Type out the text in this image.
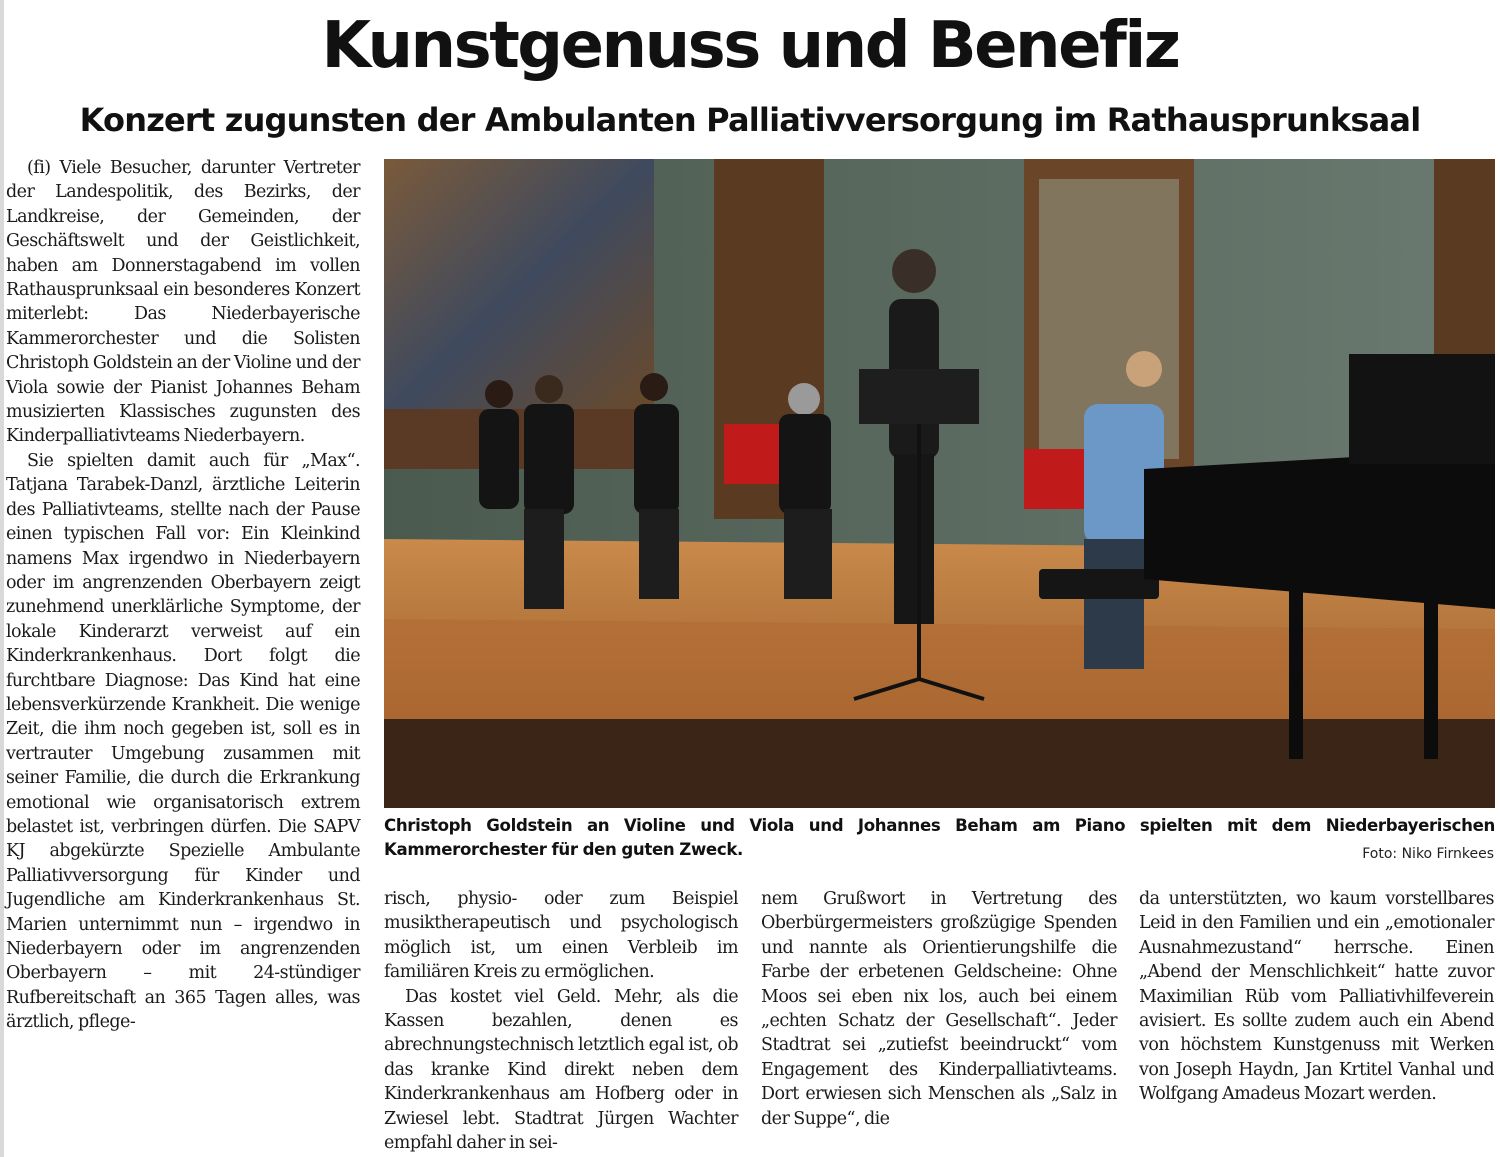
Kunstgenuss und Benefiz
Konzert zugunsten der Ambulanten Palliativversorgung im Rathausprunksaal

(fi) Viele Besucher, darunter Vertreter der Landespolitik, des Bezirks, der Landkreise, der Gemeinden, der Geschäftswelt und der Geistlichkeit, haben am Donnerstagabend im vollen Rathausprunksaal ein besonderes Konzert miterlebt: Das Niederbayerische Kammerorchester und die Solisten Christoph Goldstein an der Violine und der Viola sowie der Pianist Johannes Beham musizierten Klassisches zugunsten des Kinderpalliativteams Niederbayern.

Sie spielten damit auch für „Max“. Tatjana Tarabek-Danzl, ärztliche Leiterin des Palliativteams, stellte nach der Pause einen typischen Fall vor: Ein Kleinkind namens Max irgendwo in Niederbayern oder im angrenzenden Oberbayern zeigt zunehmend unerklärliche Symptome, der lokale Kinderarzt verweist auf ein Kinderkrankenhaus. Dort folgt die furchtbare Diagnose: Das Kind hat eine lebensverkürzende Krankheit. Die wenige Zeit, die ihm noch gegeben ist, soll es in vertrauter Umgebung zusammen mit seiner Familie, die durch die Erkrankung emotional wie organisatorisch extrem belastet ist, verbringen dürfen. Die SAPV KJ abgekürzte Spezielle Ambulante Palliativversorgung für Kinder und Jugendliche am Kinderkrankenhaus St. Marien unternimmt nun – irgendwo in Niederbayern oder im angrenzenden Oberbayern – mit 24-stündiger Rufbereitschaft an 365 Tagen alles, was ärztlich, pflege-

Christoph Goldstein an Violine und Viola und Johannes Beham am Piano spielten mit dem Niederbayerischen Kammerorchester für den guten Zweck.	Foto: Niko Firnkees

risch, physio- oder zum Beispiel musiktherapeutisch und psychologisch möglich ist, um einen Verbleib im familiären Kreis zu ermöglichen.

Das kostet viel Geld. Mehr, als die Kassen bezahlen, denen es abrechnungstechnisch letztlich egal ist, ob das kranke Kind direkt neben dem Kinderkrankenhaus am Hofberg oder in Zwiesel lebt. Stadtrat Jürgen Wachter empfahl daher in sei-

nem Grußwort in Vertretung des Oberbürgermeisters großzügige Spenden und nannte als Orientierungshilfe die Farbe der erbetenen Geldscheine: Ohne Moos sei eben nix los, auch bei einem „echten Schatz der Gesellschaft“. Jeder Stadtrat sei „zutiefst beeindruckt“ vom Engagement des Kinderpalliativteams. Dort erwiesen sich Menschen als „Salz in der Suppe“, die

da unterstützten, wo kaum vorstellbares Leid in den Familien und ein „emotionaler Ausnahmezustand“ herrsche. Einen „Abend der Menschlichkeit“ hatte zuvor Maximilian Rüb vom Palliativhilfeverein avisiert. Es sollte zudem auch ein Abend von höchstem Kunstgenuss mit Werken von Joseph Haydn, Jan Krtitel Vanhal und Wolfgang Amadeus Mozart werden.
